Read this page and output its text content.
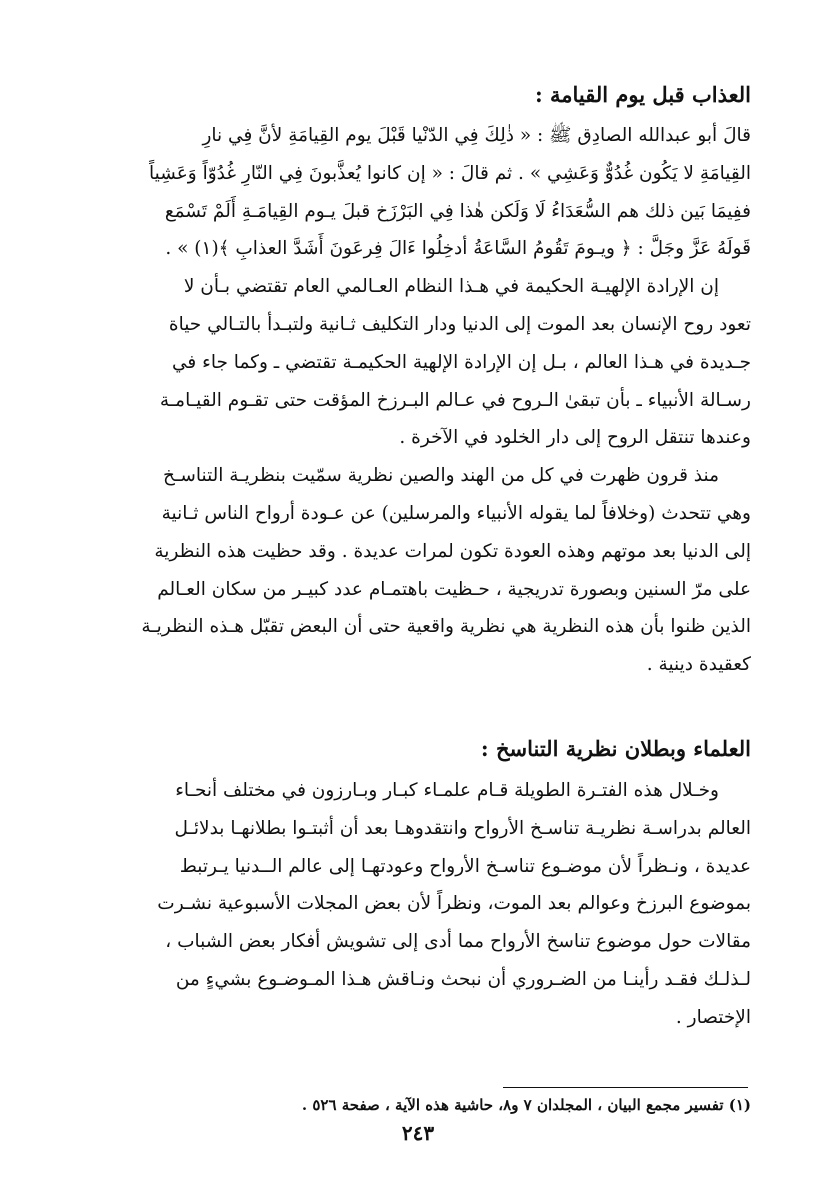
العذاب قبل يوم القيامة :

قالَ أبو عبدالله الصادِق ﷺ : « ذٰلِكَ فِي الدّنْيا قَبْلَ يوم القِيامَةِ لأنَّ فِي نارِ
القِيامَةِ لا يَكُون غُدُوٌّ وَعَشِي » . ثم قالَ : « إن كانوا يُعذَّبونَ فِي النّارِ غُدُوّاً وَعَشِياً
ففِيمَا بَين ذلك هم السُّعَدَاءُ لَا وَلَكن هٰذا فِي البَرْزَخ قبلَ يـوم القِيامَـةِ أَلَمْ تَسْمَع
قَولَهُ عَزَّ وجَلَّ : ﴿ ويـومَ تَقُومُ السَّاعَةُ أدخِلُوا ءَالَ فِرعَونَ أَشَدَّ العذابِ ﴾(١) » .

إن الإرادة الإلهيـة الحكيمة في هـذا النظام العـالمي العام تقتضي بـأن لا
تعود روح الإنسان بعد الموت إلى الدنيا ودار التكليف ثـانية ولتبـدأ بالتـالي حياة
جـديدة في هـذا العالم ، بـل إن الإرادة الإلهية الحكيمـة تقتضي ـ وكما جاء في
رسـالة الأنبياء ـ بأن تبقىٰ الـروح في عـالم البـرزخ المؤقت حتى تقـوم القيـامـة
وعندها تنتقل الروح إلى دار الخلود في الآخرة .

منذ قرون ظهرت في كل من الهند والصين نظرية سمّيت بنظريـة التناسـخ
وهي تتحدث (وخلافاً لما يقوله الأنبياء والمرسلين) عن عـودة أرواح الناس ثـانية
إلى الدنيا بعد موتهم وهذه العودة تكون لمرات عديدة . وقد حظيت هذه النظرية
على مرّ السنين وبصورة تدريجية ، حـظيت باهتمـام عدد كبيـر من سكان العـالم
الذين ظنوا بأن هذه النظرية هي نظرية واقعية حتى أن البعض تقبّل هـذه النظريـة
كعقيدة دينية .

العلماء وبطلان نظرية التناسخ :

وخـلال هذه الفتـرة الطويلة قـام علمـاء كبـار وبـارزون في مختلف أنحـاء
العالم بدراسـة نظريـة تناسـخ الأرواح وانتقدوهـا بعد أن أثبتـوا بطلانهـا بدلائـل
عديدة ، ونـظراً لأن موضـوع تناسـخ الأرواح وعودتهـا إلى عالم الــدنيا يـرتبط
بموضوع البرزخ وعوالم بعد الموت، ونظراً لأن بعض المجلات الأسبوعية نشـرت
مقالات حول موضوع تناسخ الأرواح مما أدى إلى تشويش أفكار بعض الشباب ،
لـذلـك فقـد رأينـا من الضـروري أن نبحث ونـاقش هـذا المـوضـوع بشيءٍ من
الإختصار .

(١) تفسير مجمع البيان ، المجلدان ٧ و٨، حاشية هذه الآية ، صفحة ٥٢٦ .
٢٤٣
